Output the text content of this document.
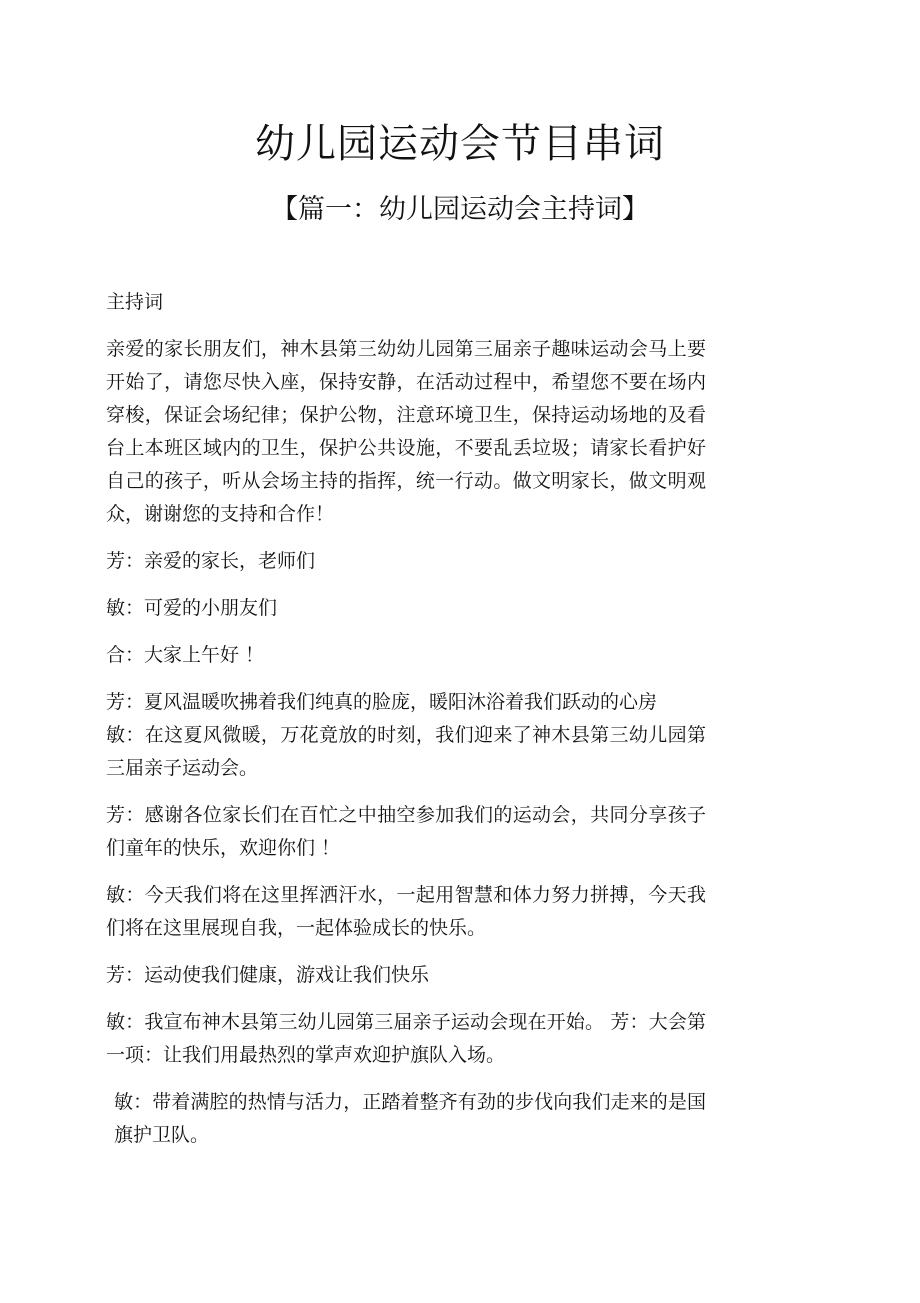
幼儿园运动会节目串词
【篇一：幼儿园运动会主持词】

主持词

亲爱的家长朋友们，神木县第三幼幼儿园第三届亲子趣味运动会马上要开始了，请您尽快入座，保持安静，在活动过程中，希望您不要在场内穿梭，保证会场纪律；保护公物，注意环境卫生，保持运动场地的及看台上本班区域内的卫生，保护公共设施，不要乱丢垃圾；请家长看护好自己的孩子，听从会场主持的指挥，统一行动。做文明家长，做文明观众，谢谢您的支持和合作！

芳：亲爱的家长，老师们

敏：可爱的小朋友们

合：大家上午好 ！

芳：夏风温暖吹拂着我们纯真的脸庞，暖阳沐浴着我们跃动的心房

敏：在这夏风微暖，万花竟放的时刻，我们迎来了神木县第三幼儿园第三届亲子运动会。

芳：感谢各位家长们在百忙之中抽空参加我们的运动会，共同分享孩子们童年的快乐，欢迎你们 ！

敏：今天我们将在这里挥洒汗水，一起用智慧和体力努力拼搏，今天我们将在这里展现自我，一起体验成长的快乐。

芳：运动使我们健康，游戏让我们快乐

敏：我宣布神木县第三幼儿园第三届亲子运动会现在开始。 芳：大会第一项：让我们用最热烈的掌声欢迎护旗队入场。

敏：带着满腔的热情与活力，正踏着整齐有劲的步伐向我们走来的是国旗护卫队。
